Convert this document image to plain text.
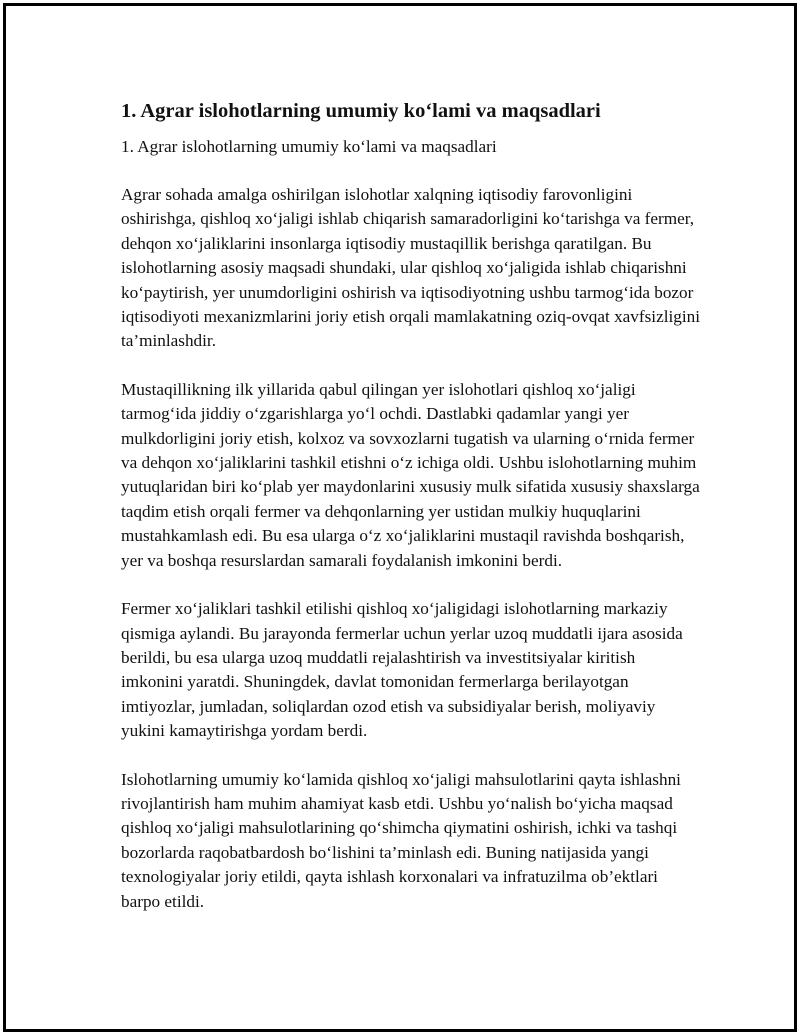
1. Agrar islohotlarning umumiy ko‘lami va maqsadlari

1. Agrar islohotlarning umumiy ko‘lami va maqsadlari

Agrar sohada amalga oshirilgan islohotlar xalqning iqtisodiy farovonligini oshirishga, qishloq xo‘jaligi ishlab chiqarish samaradorligini ko‘tarishga va fermer, dehqon xo‘jaliklarini insonlarga iqtisodiy mustaqillik berishga qaratilgan. Bu islohotlarning asosiy maqsadi shundaki, ular qishloq xo‘jaligida ishlab chiqarishni ko‘paytirish, yer unumdorligini oshirish va iqtisodiyotning ushbu tarmog‘ida bozor iqtisodiyoti mexanizmlarini joriy etish orqali mamlakatning oziq-ovqat xavfsizligini ta’minlashdir.

Mustaqillikning ilk yillarida qabul qilingan yer islohotlari qishloq xo‘jaligi tarmog‘ida jiddiy o‘zgarishlarga yo‘l ochdi. Dastlabki qadamlar yangi yer mulkdorligini joriy etish, kolxoz va sovxozlarni tugatish va ularning o‘rnida fermer va dehqon xo‘jaliklarini tashkil etishni o‘z ichiga oldi. Ushbu islohotlarning muhim yutuqlaridan biri ko‘plab yer maydonlarini xususiy mulk sifatida xususiy shaxslarga taqdim etish orqali fermer va dehqonlarning yer ustidan mulkiy huquqlarini mustahkamlash edi. Bu esa ularga o‘z xo‘jaliklarini mustaqil ravishda boshqarish, yer va boshqa resurslardan samarali foydalanish imkonini berdi.

Fermer xo‘jaliklari tashkil etilishi qishloq xo‘jaligidagi islohotlarning markaziy qismiga aylandi. Bu jarayonda fermerlar uchun yerlar uzoq muddatli ijara asosida berildi, bu esa ularga uzoq muddatli rejalashtirish va investitsiyalar kiritish imkonini yaratdi. Shuningdek, davlat tomonidan fermerlarga berilayotgan imtiyozlar, jumladan, soliqlardan ozod etish va subsidiyalar berish, moliyaviy yukini kamaytirishga yordam berdi.

Islohotlarning umumiy ko‘lamida qishloq xo‘jaligi mahsulotlarini qayta ishlashni rivojlantirish ham muhim ahamiyat kasb etdi. Ushbu yo‘nalish bo‘yicha maqsad qishloq xo‘jaligi mahsulotlarining qo‘shimcha qiymatini oshirish, ichki va tashqi bozorlarda raqobatbardosh bo‘lishini ta’minlash edi. Buning natijasida yangi texnologiyalar joriy etildi, qayta ishlash korxonalari va infratuzilma ob’ektlari barpo etildi.
